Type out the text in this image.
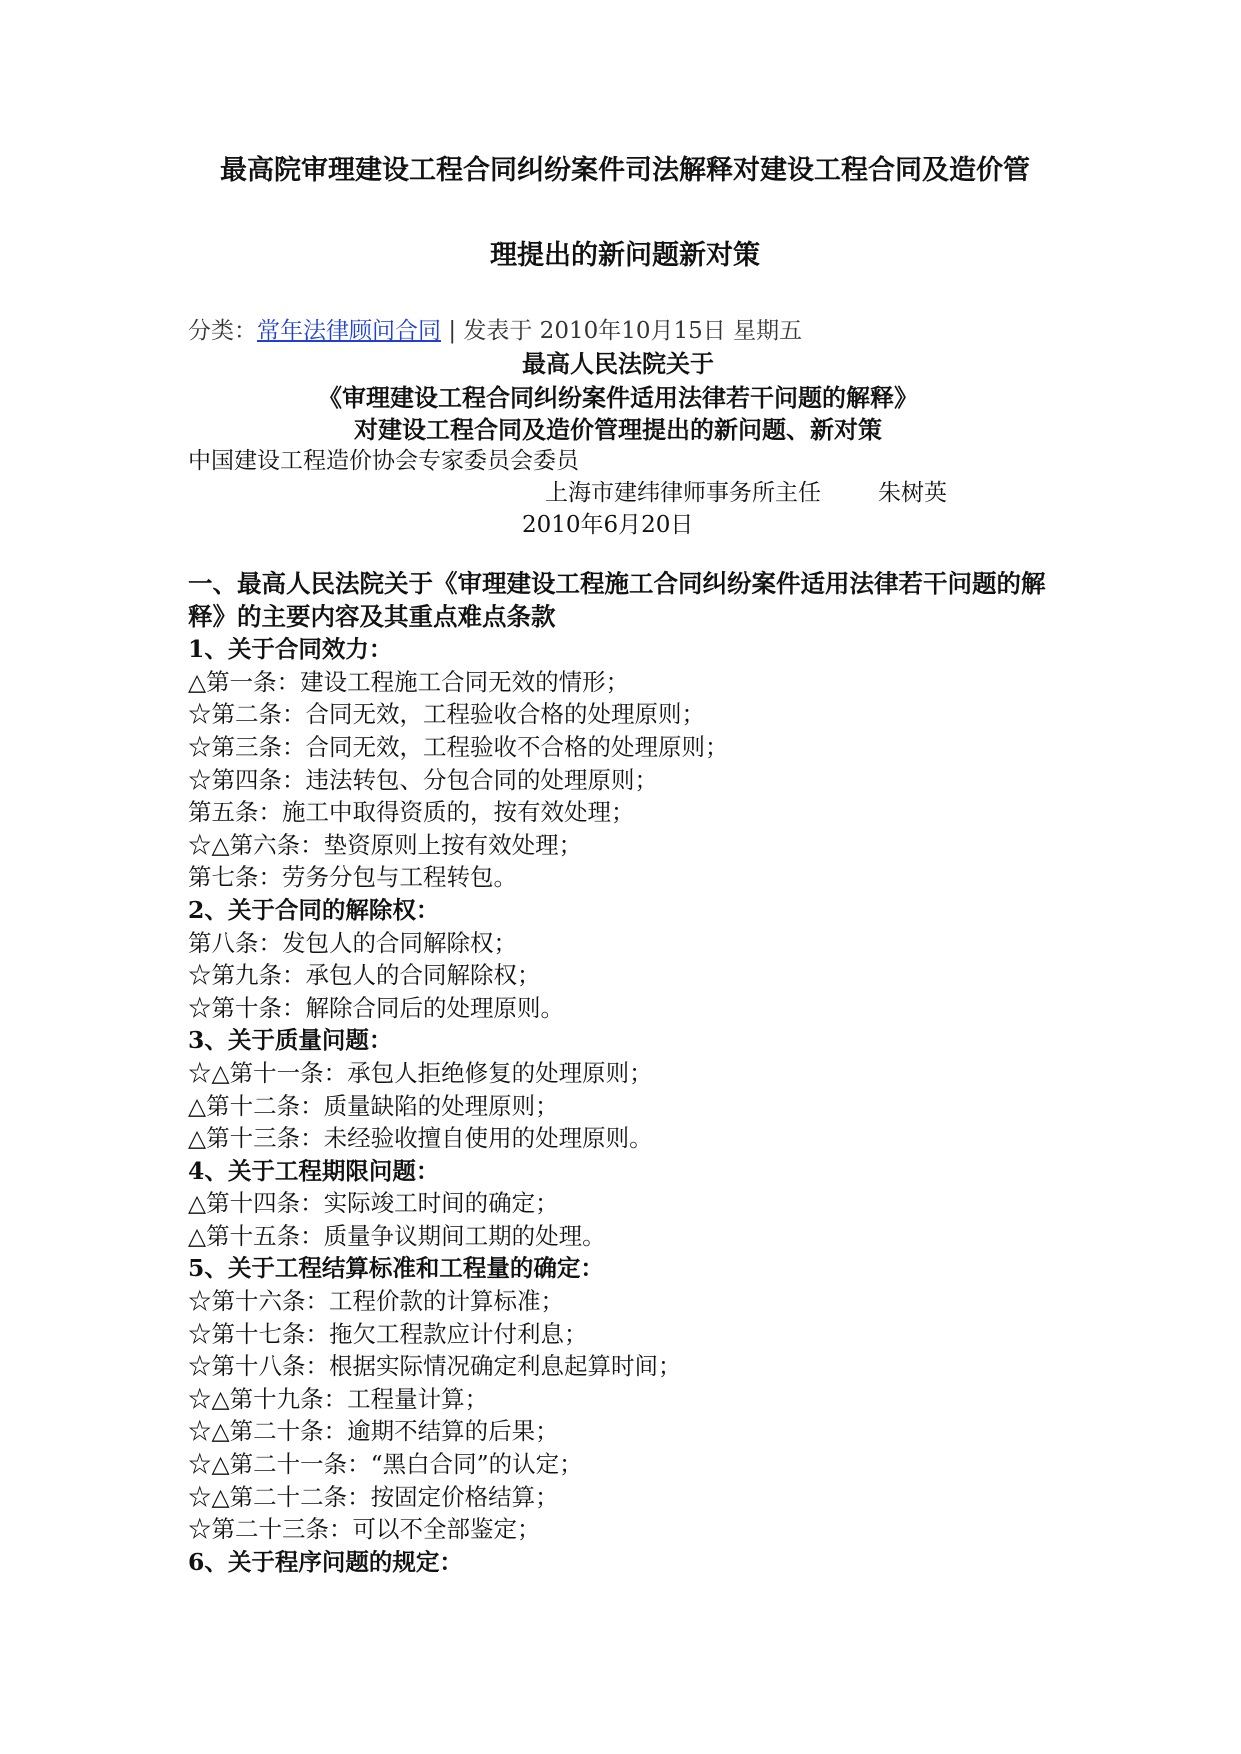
最高院审理建设工程合同纠纷案件司法解释对建设工程合同及造价管
理提出的新问题新对策
分类：常年法律顾问合同 | 发表于 2010年10月15日 星期五
最高人民法院关于
《审理建设工程合同纠纷案件适用法律若干问题的解释》
对建设工程合同及造价管理提出的新问题、新对策
中国建设工程造价协会专家委员会委员
上海市建纬律师事务所主任 朱树英
2010年6月20日
一、最高人民法院关于《审理建设工程施工合同纠纷案件适用法律若干问题的解释》的主要内容及其重点难点条款
1、关于合同效力：
△第一条：建设工程施工合同无效的情形；
☆第二条：合同无效，工程验收合格的处理原则；
☆第三条：合同无效，工程验收不合格的处理原则；
☆第四条：违法转包、分包合同的处理原则；
第五条：施工中取得资质的，按有效处理；
☆△第六条：垫资原则上按有效处理；
第七条：劳务分包与工程转包。
2、关于合同的解除权：
第八条：发包人的合同解除权；
☆第九条：承包人的合同解除权；
☆第十条：解除合同后的处理原则。
3、关于质量问题：
☆△第十一条：承包人拒绝修复的处理原则；
△第十二条：质量缺陷的处理原则；
△第十三条：未经验收擅自使用的处理原则。
4、关于工程期限问题：
△第十四条：实际竣工时间的确定；
△第十五条：质量争议期间工期的处理。
5、关于工程结算标准和工程量的确定：
☆第十六条：工程价款的计算标准；
☆第十七条：拖欠工程款应计付利息；
☆第十八条：根据实际情况确定利息起算时间；
☆△第十九条：工程量计算；
☆△第二十条：逾期不结算的后果；
☆△第二十一条：“黑白合同”的认定；
☆△第二十二条：按固定价格结算；
☆第二十三条：可以不全部鉴定；
6、关于程序问题的规定：
